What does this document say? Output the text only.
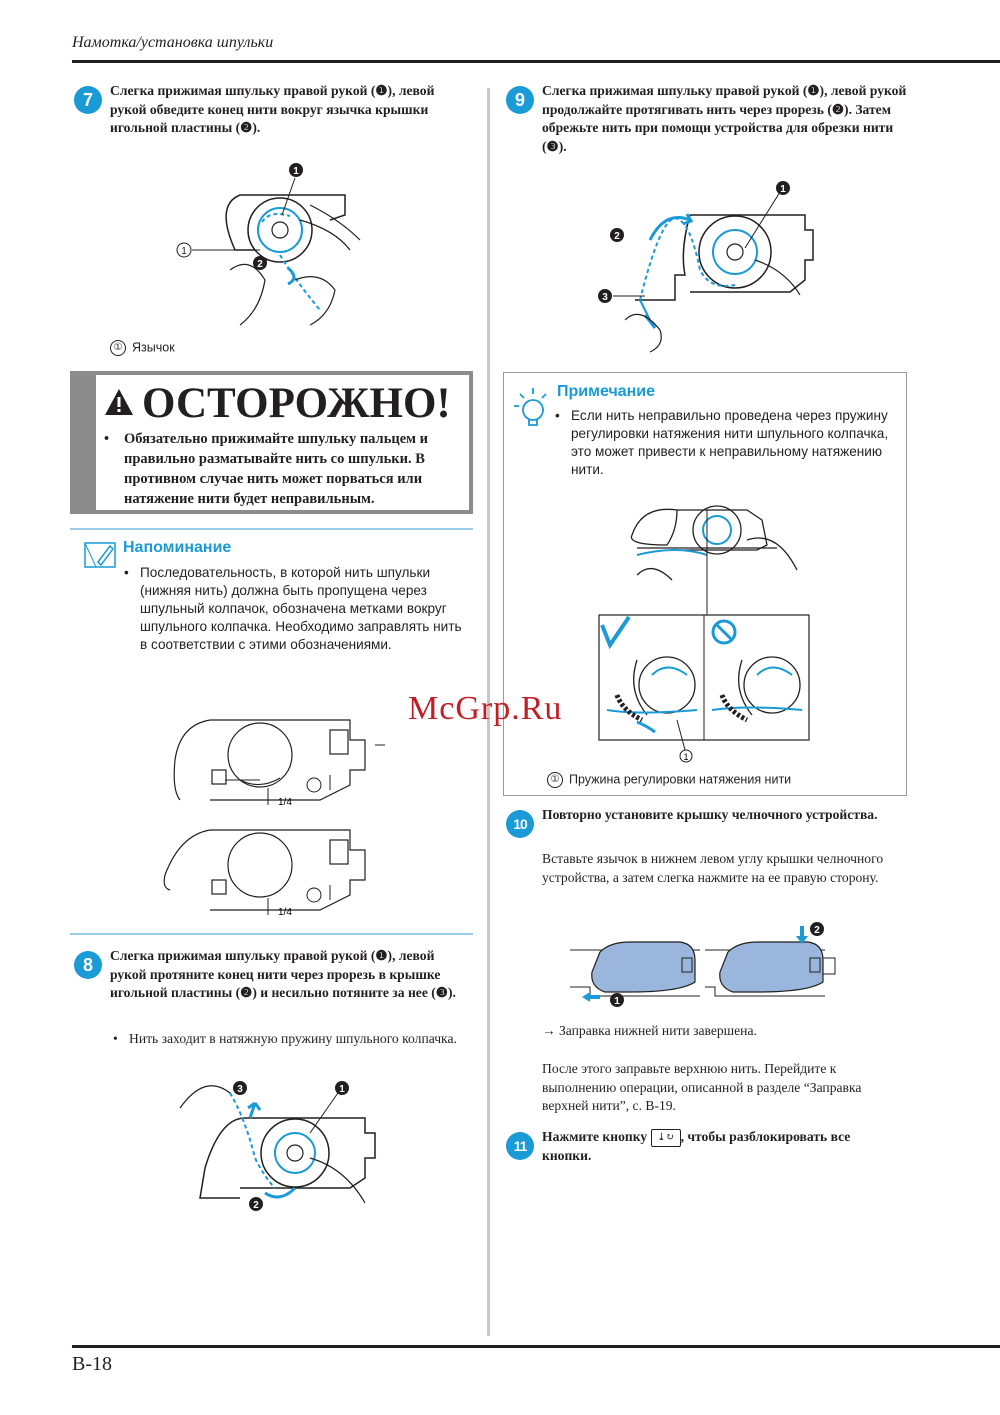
Намотка/установка шпульки
7	Слегка прижимая шпульку правой рукой (❶), левой рукой обведите конец нити вокруг язычка крышки игольной пластины (❷).
1
2
1
① Язычок
ОСТОРОЖНО!
• Обязательно прижимайте шпульку пальцем и правильно разматывайте нить со шпульки. В противном случае нить может порваться или натяжение нити будет неправильным.
Напоминание
• Последовательность, в которой нить шпульки (нижняя нить) должна быть пропущена через шпульный колпачок, обозначена метками вокруг шпульного колпачка. Необходимо заправлять нить в соответствии с этими обозначениями.
1/4
1/4
8	Слегка прижимая шпульку правой рукой (❶), левой рукой протяните конец нити через прорезь в крышке игольной пластины (❷) и несильно потяните за нее (❸).
• Нить заходит в натяжную пружину шпульного колпачка.
1
3
2
9	Слегка прижимая шпульку правой рукой (❶), левой рукой продолжайте протягивать нить через прорезь (❷). Затем обрежьте нить при помощи устройства для обрезки нити (❸).
1
2
3
Примечание
• Если нить неправильно проведена через пружину регулировки натяжения нити шпульного колпачка, это может привести к неправильному натяжению нити.
1
① Пружина регулировки натяжения нити
10
Повторно установите крышку челночного устройства.
Вставьте язычок в нижнем левом углу крышки челночного устройства, а затем слегка нажмите на ее правую сторону.
1
2
→ Заправка нижней нити завершена.
После этого заправьте верхнюю нить. Перейдите к выполнению операции, описанной в разделе “Заправка верхней нити”, с. B-19.
11
Нажмите кнопку ⤓↻ , чтобы разблокировать все кнопки.
McGrp.Ru
B-18
